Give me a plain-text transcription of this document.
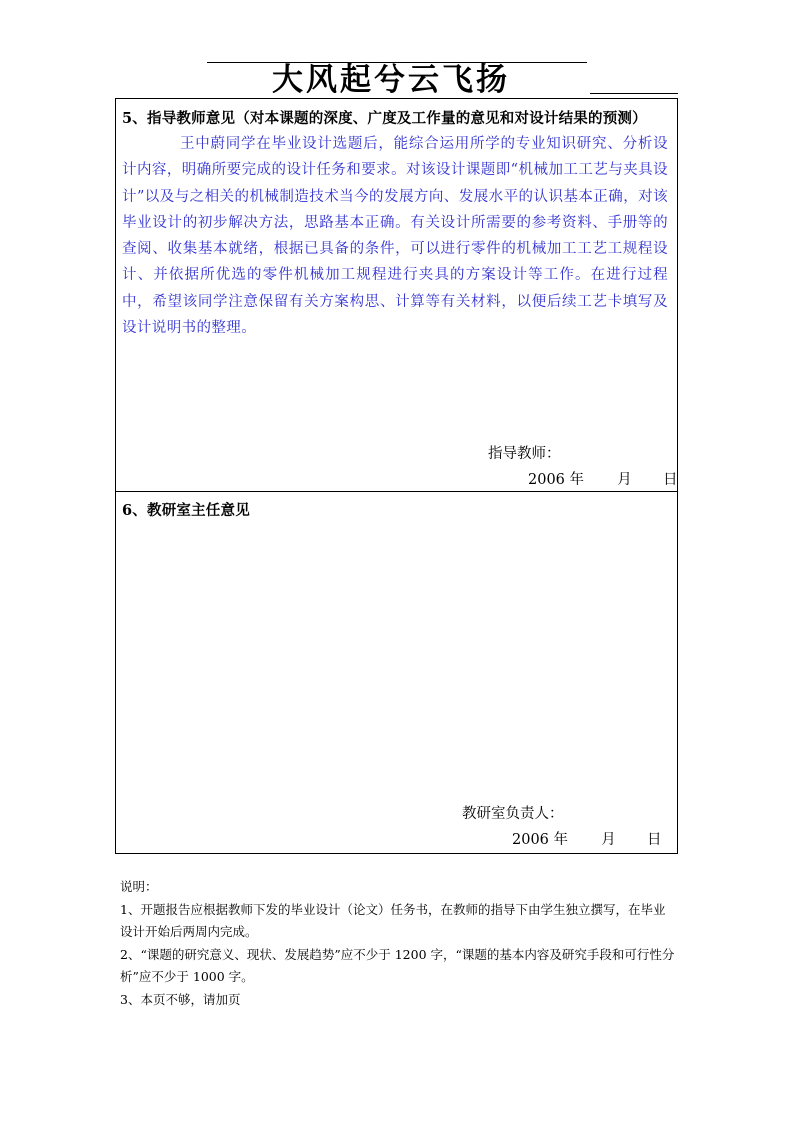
大风起兮云飞扬
5、指导教师意见（对本课题的深度、广度及工作量的意见和对设计结果的预测）
王中蔚同学在毕业设计选题后，能综合运用所学的专业知识研究、分析设计内容，明确所要完成的设计任务和要求。对该设计课题即“机械加工工艺与夹具设计”以及与之相关的机械制造技术当今的发展方向、发展水平的认识基本正确，对该毕业设计的初步解决方法，思路基本正确。有关设计所需要的参考资料、手册等的查阅、收集基本就绪，根据已具备的条件，可以进行零件的机械加工工艺工规程设计、并依据所优选的零件机械加工规程进行夹具的方案设计等工作。在进行过程中，希望该同学注意保留有关方案构思、计算等有关材料，以便后续工艺卡填写及设计说明书的整理。
指导教师：
2006 年 月 日
6、教研室主任意见
教研室负责人：
2006 年 月 日
说明：
1、开题报告应根据教师下发的毕业设计（论文）任务书，在教师的指导下由学生独立撰写，在毕业设计开始后两周内完成。
2、“课题的研究意义、现状、发展趋势”应不少于 1200 字，“课题的基本内容及研究手段和可行性分析”应不少于 1000 字。
3、本页不够，请加页
